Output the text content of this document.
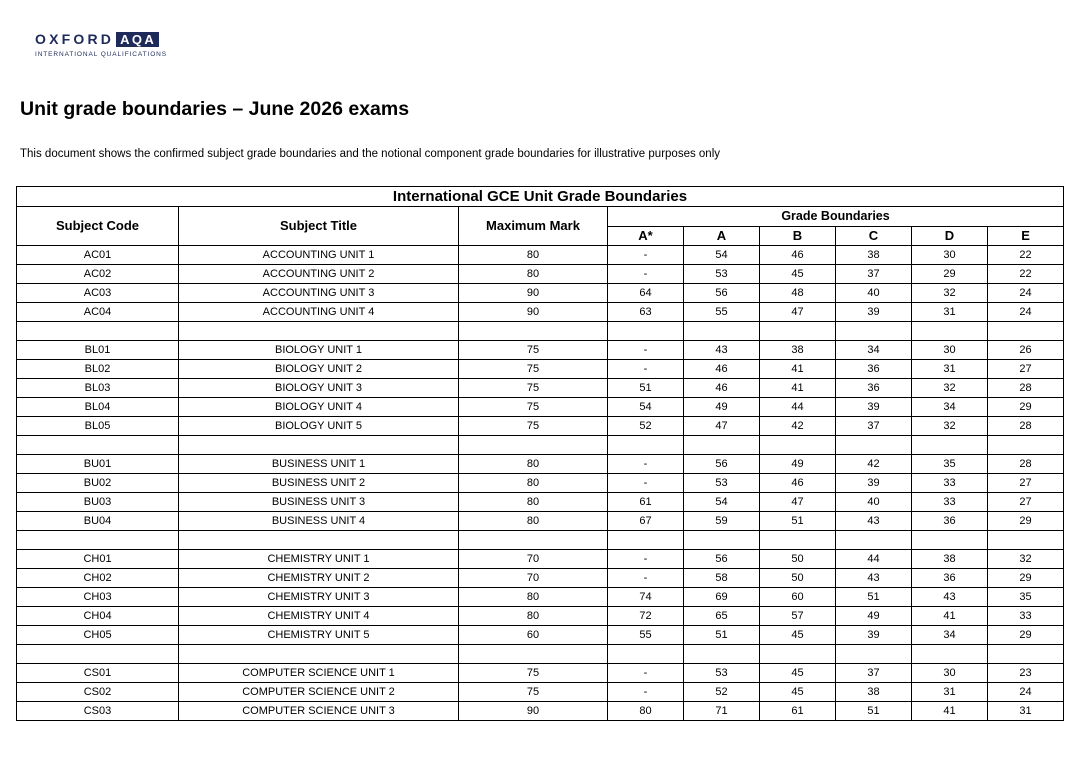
OXFORD AQA
INTERNATIONAL QUALIFICATIONS
Unit grade boundaries – June 2026 exams
This document shows the confirmed subject grade boundaries and the notional component grade boundaries for illustrative purposes only
International GCE Unit Grade Boundaries								
Subject Code	Subject Title	Maximum Mark	Grade Boundaries					
			A*	A	B	C	D	E
AC01	ACCOUNTING UNIT 1	80	-	54	46	38	30	22
AC02	ACCOUNTING UNIT 2	80	-	53	45	37	29	22
AC03	ACCOUNTING UNIT 3	90	64	56	48	40	32	24
AC04	ACCOUNTING UNIT 4	90	63	55	47	39	31	24

BL01	BIOLOGY UNIT 1	75	-	43	38	34	30	26
BL02	BIOLOGY UNIT 2	75	-	46	41	36	31	27
BL03	BIOLOGY UNIT 3	75	51	46	41	36	32	28
BL04	BIOLOGY UNIT 4	75	54	49	44	39	34	29
BL05	BIOLOGY UNIT 5	75	52	47	42	37	32	28

BU01	BUSINESS UNIT 1	80	-	56	49	42	35	28
BU02	BUSINESS UNIT 2	80	-	53	46	39	33	27
BU03	BUSINESS UNIT 3	80	61	54	47	40	33	27
BU04	BUSINESS UNIT 4	80	67	59	51	43	36	29

CH01	CHEMISTRY UNIT 1	70	-	56	50	44	38	32
CH02	CHEMISTRY UNIT 2	70	-	58	50	43	36	29
CH03	CHEMISTRY UNIT 3	80	74	69	60	51	43	35
CH04	CHEMISTRY UNIT 4	80	72	65	57	49	41	33
CH05	CHEMISTRY UNIT 5	60	55	51	45	39	34	29

CS01	COMPUTER SCIENCE UNIT 1	75	-	53	45	37	30	23
CS02	COMPUTER SCIENCE UNIT 2	75	-	52	45	38	31	24
CS03	COMPUTER SCIENCE UNIT 3	90	80	71	61	51	41	31
